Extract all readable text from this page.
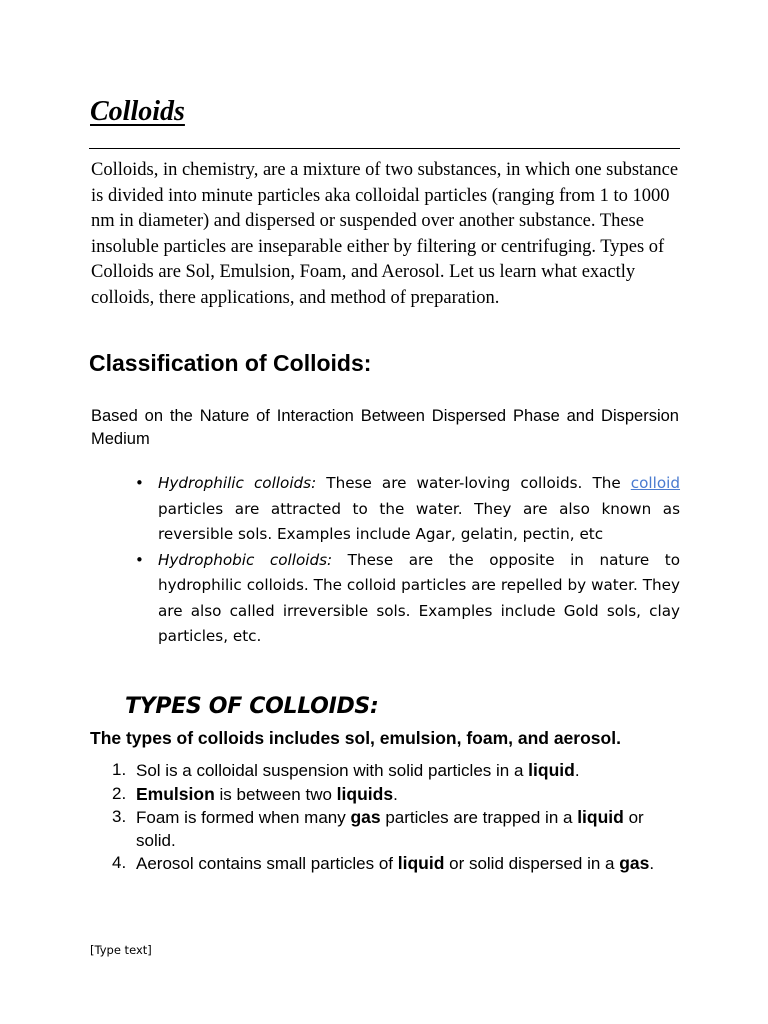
Colloids

Colloids, in chemistry, are a mixture of two substances, in which one substance is divided into minute particles aka colloidal particles (ranging from 1 to 1000 nm in diameter) and dispersed or suspended over another substance. These insoluble particles are inseparable either by filtering or centrifuging. Types of Colloids are Sol, Emulsion, Foam, and Aerosol. Let us learn what exactly colloids, there applications, and method of preparation.

Classification of Colloids:

Based on the Nature of Interaction Between Dispersed Phase and Dispersion Medium

• Hydrophilic colloids: These are water-loving colloids. The colloid particles are attracted to the water. They are also known as reversible sols. Examples include Agar, gelatin, pectin, etc
• Hydrophobic colloids: These are the opposite in nature to hydrophilic colloids. The colloid particles are repelled by water. They are also called irreversible sols. Examples include Gold sols, clay particles, etc.
TYPES OF COLLOIDS:

The types of colloids includes sol, emulsion, foam, and aerosol.

1. Sol is a colloidal suspension with solid particles in a liquid.
2. Emulsion is between two liquids.
3. Foam is formed when many gas particles are trapped in a liquid or solid.
4. Aerosol contains small particles of liquid or solid dispersed in a gas.

[Type text]
